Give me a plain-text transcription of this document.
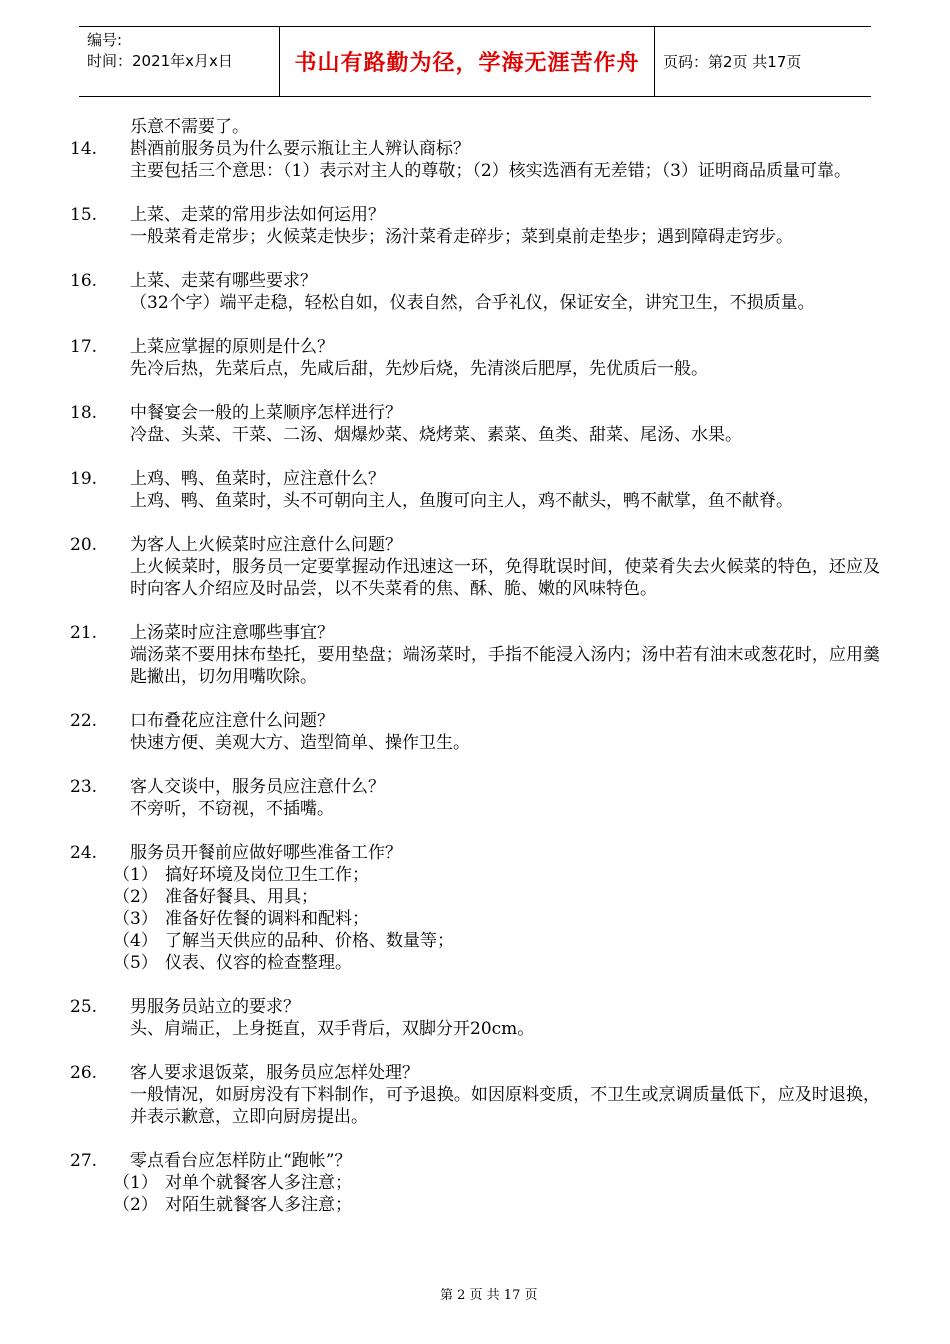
编号:
时间：2021年x月x日	书山有路勤为径，学海无涯苦作舟	页码：第2页 共17页
乐意不需要了。
14.	斟酒前服务员为什么要示瓶让主人辨认商标？
主要包括三个意思：（1）表示对主人的尊敬；（2）核实选酒有无差错；（3）证明商品质量可靠。
15.	上菜、走菜的常用步法如何运用？
一般菜肴走常步；火候菜走快步；汤汁菜肴走碎步；菜到桌前走垫步；遇到障碍走窍步。
16.	上菜、走菜有哪些要求？
（32个字）端平走稳，轻松自如，仪表自然，合乎礼仪，保证安全，讲究卫生，不损质量。
17.	上菜应掌握的原则是什么？
先冷后热，先菜后点，先咸后甜，先炒后烧，先清淡后肥厚，先优质后一般。
18.	中餐宴会一般的上菜顺序怎样进行？
冷盘、头菜、干菜、二汤、烟爆炒菜、烧烤菜、素菜、鱼类、甜菜、尾汤、水果。
19.	上鸡、鸭、鱼菜时，应注意什么？
上鸡、鸭、鱼菜时，头不可朝向主人，鱼腹可向主人，鸡不献头，鸭不献掌，鱼不献脊。
20.	为客人上火候菜时应注意什么问题？
上火候菜时，服务员一定要掌握动作迅速这一环，免得耽误时间，使菜肴失去火候菜的特色，还应及时向客人介绍应及时品尝，以不失菜肴的焦、酥、脆、嫩的风味特色。
21.	上汤菜时应注意哪些事宜？
端汤菜不要用抹布垫托，要用垫盘；端汤菜时，手指不能浸入汤内；汤中若有油末或葱花时，应用羹匙撇出，切勿用嘴吹除。
22.	口布叠花应注意什么问题？
快速方便、美观大方、造型简单、操作卫生。
23.	客人交谈中，服务员应注意什么？
不旁听，不窃视，不插嘴。
24.	服务员开餐前应做好哪些准备工作？
（1） 搞好环境及岗位卫生工作；
（2） 准备好餐具、用具；
（3） 准备好佐餐的调料和配料；
（4） 了解当天供应的品种、价格、数量等；
（5） 仪表、仪容的检查整理。
25.	男服务员站立的要求？
头、肩端正，上身挺直，双手背后，双脚分开20cm。
26.	客人要求退饭菜，服务员应怎样处理？
一般情况，如厨房没有下料制作，可予退换。如因原料变质，不卫生或烹调质量低下，应及时退换，并表示歉意，立即向厨房提出。
27.	零点看台应怎样防止“跑帐”？
（1） 对单个就餐客人多注意；
（2） 对陌生就餐客人多注意；
第 2 页 共 17 页
